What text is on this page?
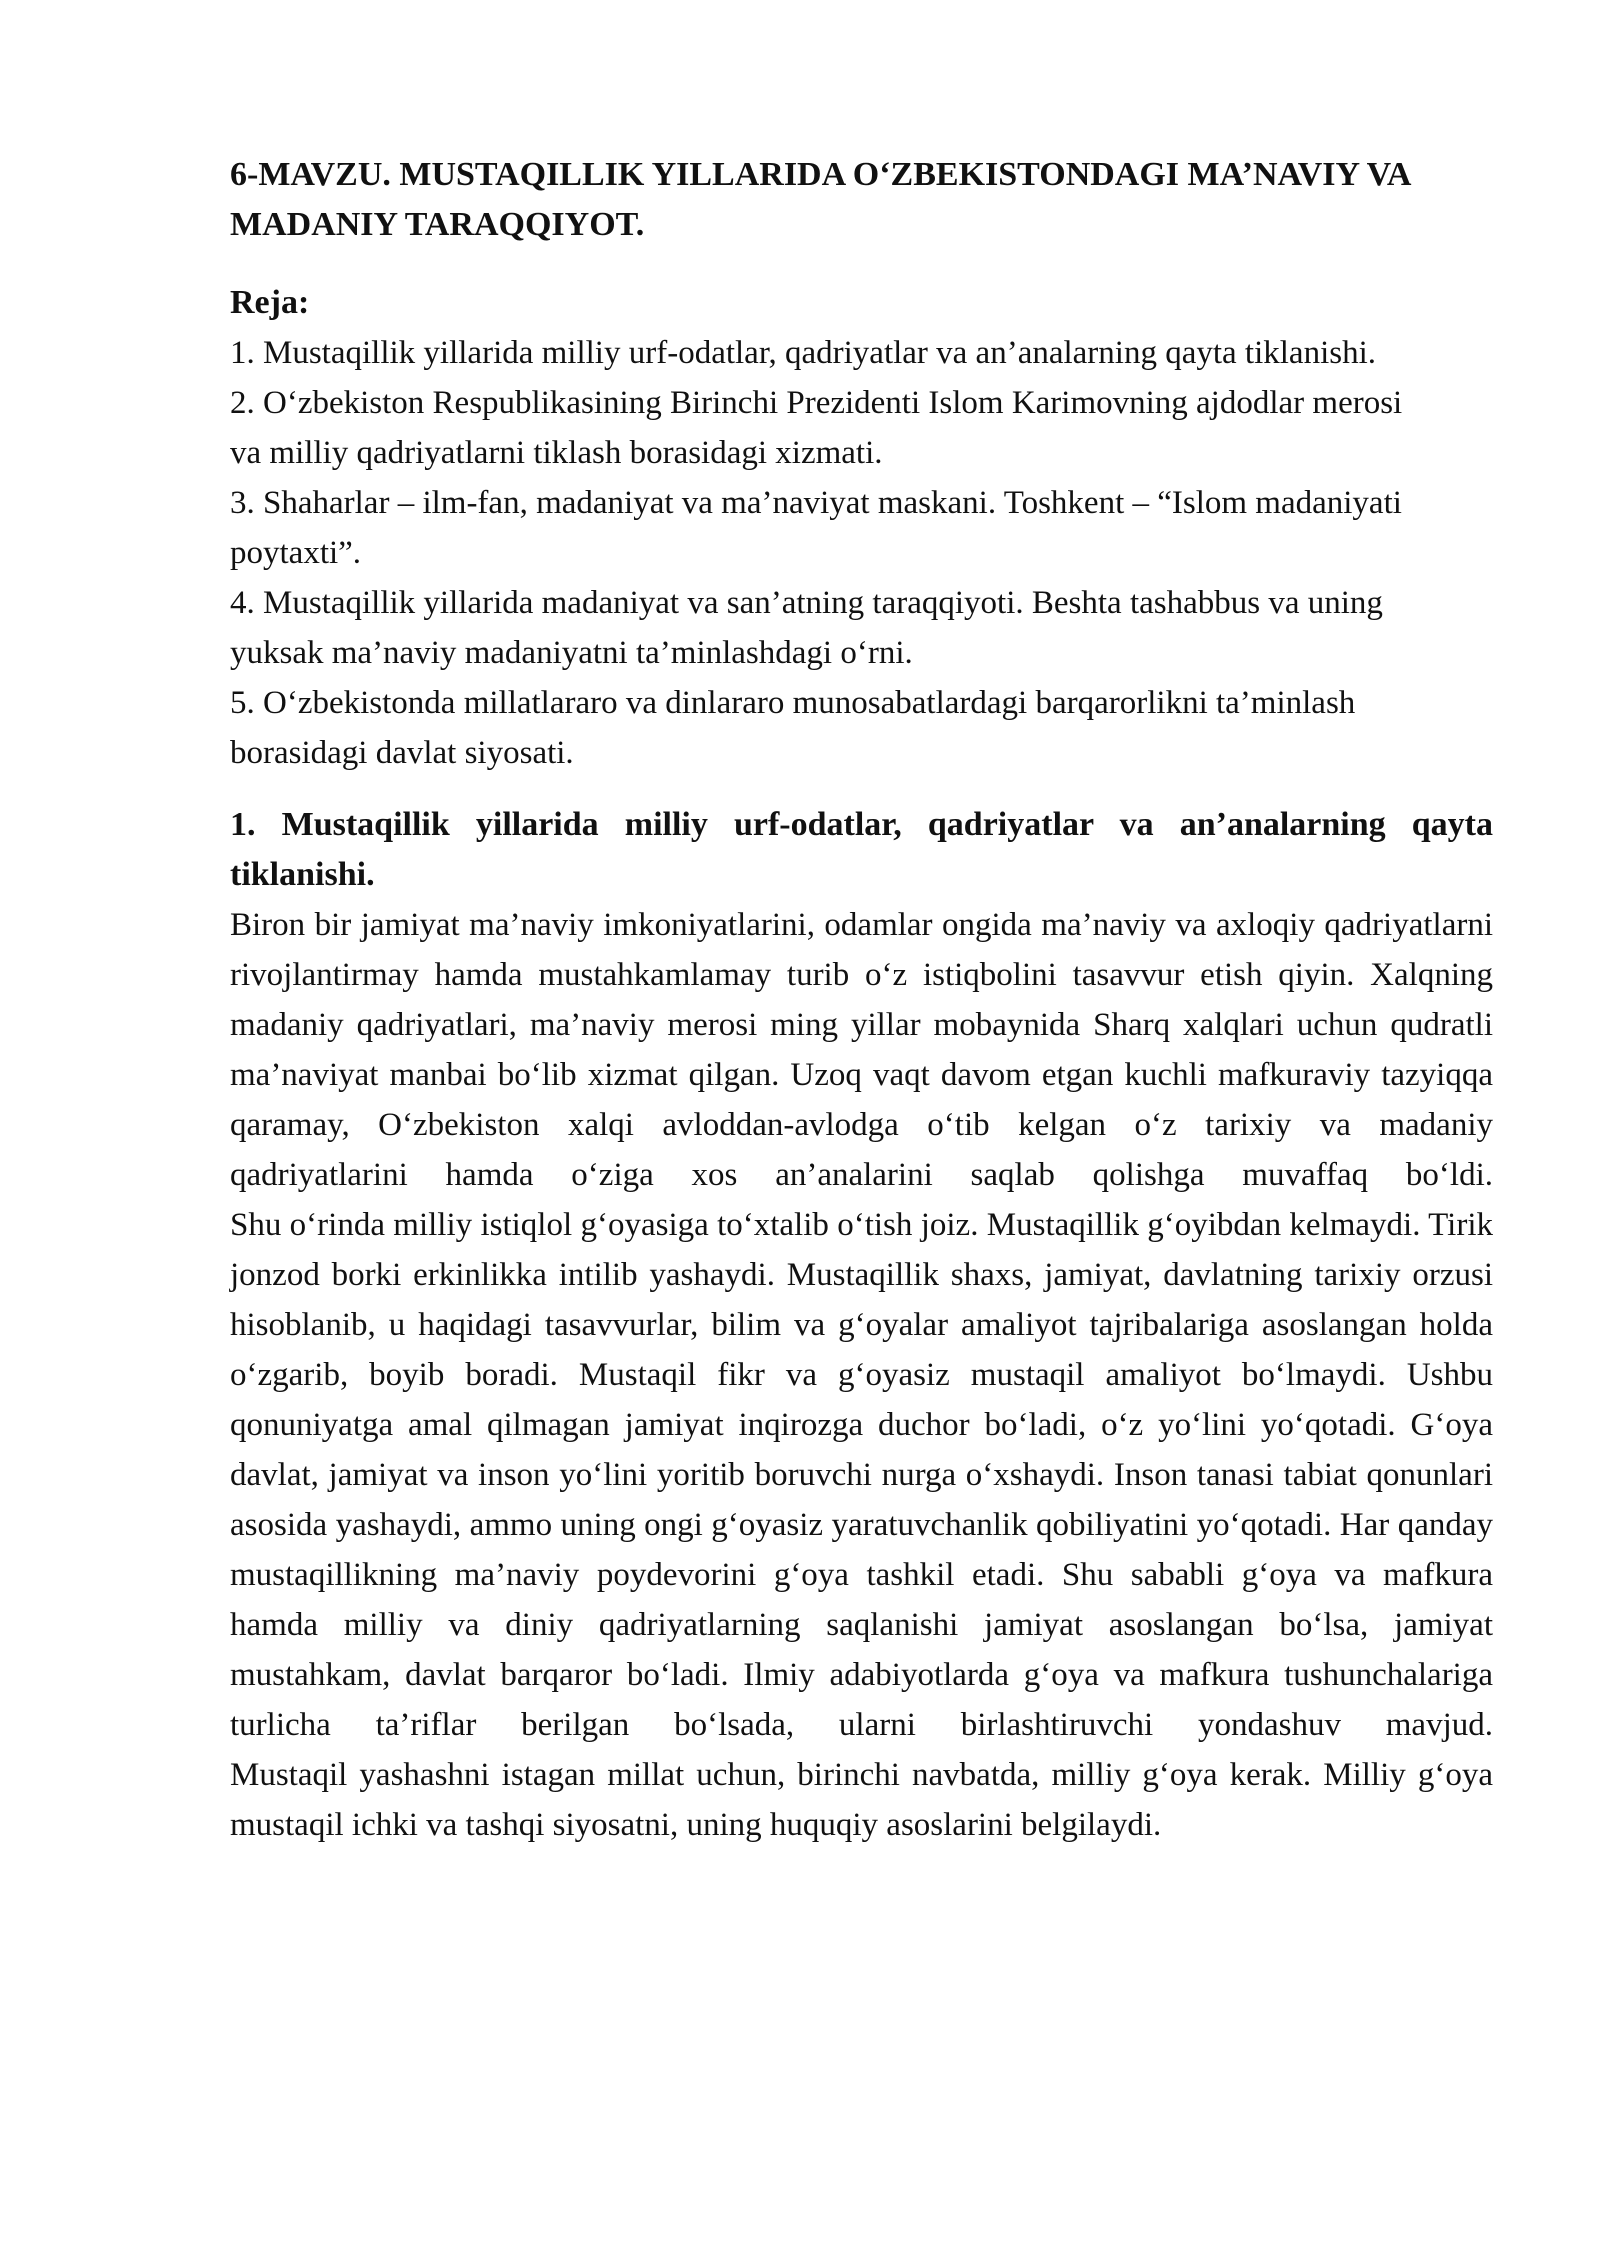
6-MAVZU. MUSTAQILLIK YILLARIDA O‘ZBEKISTONDAGI MA’NAVIY VA MADANIY TARAQQIYOT.
Reja:

1. Mustaqillik yillarida milliy urf-odatlar, qadriyatlar va an’analarning qayta tiklanishi.

2. O‘zbekiston Respublikasining Birinchi Prezidenti Islom Karimovning ajdodlar merosi va milliy qadriyatlarni tiklash borasidagi xizmati.

3. Shaharlar – ilm-fan, madaniyat va ma’naviyat maskani. Toshkent – “Islom madaniyati poytaxti”.

4. Mustaqillik yillarida madaniyat va san’atning taraqqiyoti. Beshta tashabbus va uning yuksak ma’naviy madaniyatni ta’minlashdagi o‘rni.

5. O‘zbekistonda millatlararo va dinlararo munosabatlardagi barqarorlikni ta’minlash borasidagi davlat siyosati.

1. Mustaqillik yillarida milliy urf-odatlar, qadriyatlar va an’analarning qayta tiklanishi.

Biron bir jamiyat ma’naviy imkoniyatlarini, odamlar ongida ma’naviy va axloqiy qadriyatlarni rivojlantirmay hamda mustahkamlamay turib o‘z istiqbolini tasavvur etish qiyin. Xalqning madaniy qadriyatlari, ma’naviy merosi ming yillar mobaynida Sharq xalqlari uchun qudratli ma’naviyat manbai bo‘lib xizmat qilgan. Uzoq vaqt davom etgan kuchli mafkuraviy tazyiqqa qaramay, O‘zbekiston xalqi avloddan-avlodga o‘tib kelgan o‘z tarixiy va madaniy qadriyatlarini hamda o‘ziga xos an’analarini saqlab qolishga muvaffaq bo‘ldi.

Shu o‘rinda milliy istiqlol g‘oyasiga to‘xtalib o‘tish joiz. Mustaqillik g‘oyibdan kelmaydi. Tirik jonzod borki erkinlikka intilib yashaydi. Mustaqillik shaxs, jamiyat, davlatning tarixiy orzusi hisoblanib, u haqidagi tasavvurlar, bilim va g‘oyalar amaliyot tajribalariga asoslangan holda o‘zgarib, boyib boradi. Mustaqil fikr va g‘oyasiz mustaqil amaliyot bo‘lmaydi. Ushbu qonuniyatga amal qilmagan jamiyat inqirozga duchor bo‘ladi, o‘z yo‘lini yo‘qotadi. G‘oya davlat, jamiyat va inson yo‘lini yoritib boruvchi nurga o‘xshaydi. Inson tanasi tabiat qonunlari asosida yashaydi, ammo uning ongi g‘oyasiz yaratuvchanlik qobiliyatini yo‘qotadi. Har qanday mustaqillikning ma’naviy poydevorini g‘oya tashkil etadi. Shu sababli g‘oya va mafkura hamda milliy va diniy qadriyatlarning saqlanishi jamiyat asoslangan bo‘lsa, jamiyat mustahkam, davlat barqaror bo‘ladi. Ilmiy adabiyotlarda g‘oya va mafkura tushunchalariga turlicha ta’riflar berilgan bo‘lsada, ularni birlashtiruvchi yondashuv mavjud.

Mustaqil yashashni istagan millat uchun, birinchi navbatda, milliy g‘oya kerak. Milliy g‘oya mustaqil ichki va tashqi siyosatni, uning huquqiy asoslarini belgilaydi.
